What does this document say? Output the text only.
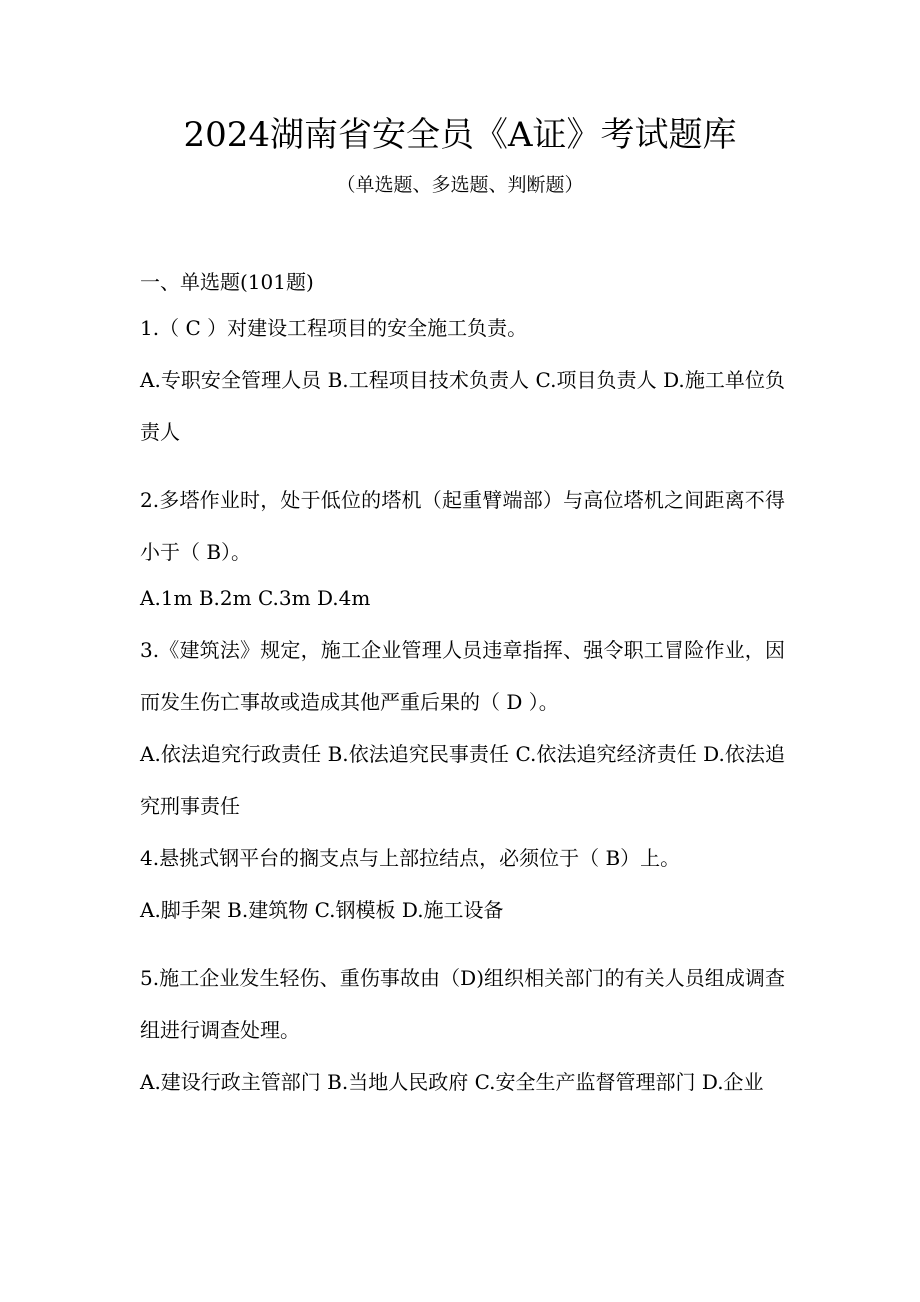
2024湖南省安全员《A证》考试题库
（单选题、多选题、判断题）
一、单选题(101题)
1.（ C ）对建设工程项目的安全施工负责。
A.专职安全管理人员 B.工程项目技术负责人 C.项目负责人 D.施工单位负责人
2.多塔作业时，处于低位的塔机（起重臂端部）与高位塔机之间距离不得小于（ B）。
A.1m B.2m C.3m D.4m
3.《建筑法》规定，施工企业管理人员违章指挥、强令职工冒险作业，因而发生伤亡事故或造成其他严重后果的（ D ）。
A.依法追究行政责任 B.依法追究民事责任 C.依法追究经济责任 D.依法追究刑事责任
4.悬挑式钢平台的搁支点与上部拉结点，必须位于（ B）上。
A.脚手架 B.建筑物 C.钢模板 D.施工设备
5.施工企业发生轻伤、重伤事故由（D)组织相关部门的有关人员组成调查组进行调查处理。
A.建设行政主管部门 B.当地人民政府 C.安全生产监督管理部门 D.企业
